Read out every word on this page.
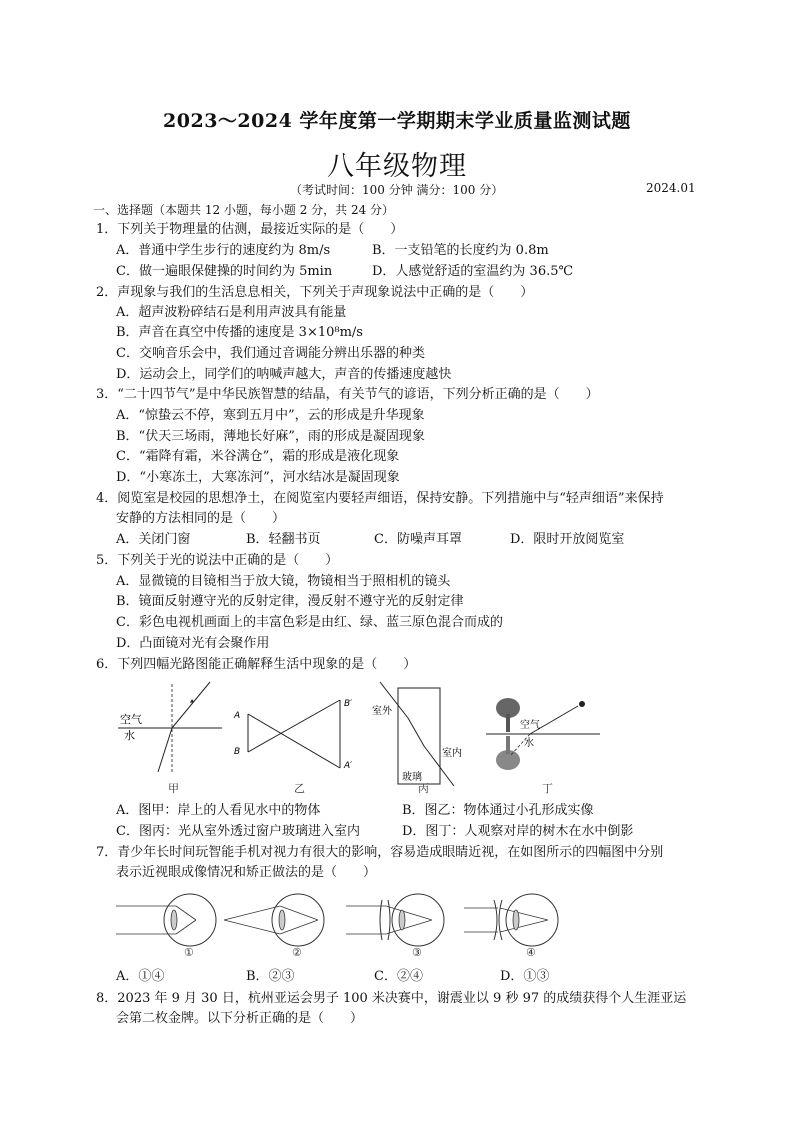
2023～2024 学年度第一学期期末学业质量监测试题
八年级物理
（考试时间：100 分钟 满分：100 分）	2024.01
一、选择题（本题共 12 小题，每小题 2 分，共 24 分）
1．下列关于物理量的估测，最接近实际的是（　　）
A．普通中学生步行的速度约为 8m/s	B．一支铅笔的长度约为 0.8m
C．做一遍眼保健操的时间约为 5min	D．人感觉舒适的室温约为 36.5℃
2．声现象与我们的生活息息相关，下列关于声现象说法中正确的是（　　）
A．超声波粉碎结石是利用声波具有能量
B．声音在真空中传播的速度是 3×10⁸m/s
C．交响音乐会中，我们通过音调能分辨出乐器的种类
D．运动会上，同学们的呐喊声越大，声音的传播速度越快
3．“二十四节气”是中华民族智慧的结晶，有关节气的谚语，下列分析正确的是（　　）
A．“惊蛰云不停，寒到五月中”，云的形成是升华现象
B．“伏天三场雨，薄地长好麻”，雨的形成是凝固现象
C．“霜降有霜，米谷满仓”，霜的形成是液化现象
D．“小寒冻土，大寒冻河”，河水结冰是凝固现象
4．阅览室是校园的思想净土，在阅览室内要轻声细语，保持安静。下列措施中与“轻声细语”来保持
安静的方法相同的是（　　）
A．关闭门窗	B．轻翻书页	C．防噪声耳罩	D．限时开放阅览室
5．下列关于光的说法中正确的是（　　）
A．显微镜的目镜相当于放大镜，物镜相当于照相机的镜头
B．镜面反射遵守光的反射定律，漫反射不遵守光的反射定律
C．彩色电视机画面上的丰富色彩是由红、绿、蓝三原色混合而成的
D．凸面镜对光有会聚作用
6．下列四幅光路图能正确解释生活中现象的是（　　）
空气
水
A
B
B′
A′
室外
室内
玻璃
空气
水
甲	乙	丙	丁
A．图甲：岸上的人看见水中的物体	B．图乙：物体通过小孔形成实像
C．图丙：光从室外透过窗户玻璃进入室内	D．图丁：人观察对岸的树木在水中倒影
7．青少年长时间玩智能手机对视力有很大的影响，容易造成眼睛近视，在如图所示的四幅图中分别
表示近视眼成像情况和矫正做法的是（　　）
①	②	③	④
A．①④	B．②③	C．②④	D．①③
8．2023 年 9 月 30 日，杭州亚运会男子 100 米决赛中，谢震业以 9 秒 97 的成绩获得个人生涯亚运
会第二枚金牌。以下分析正确的是（　　）
